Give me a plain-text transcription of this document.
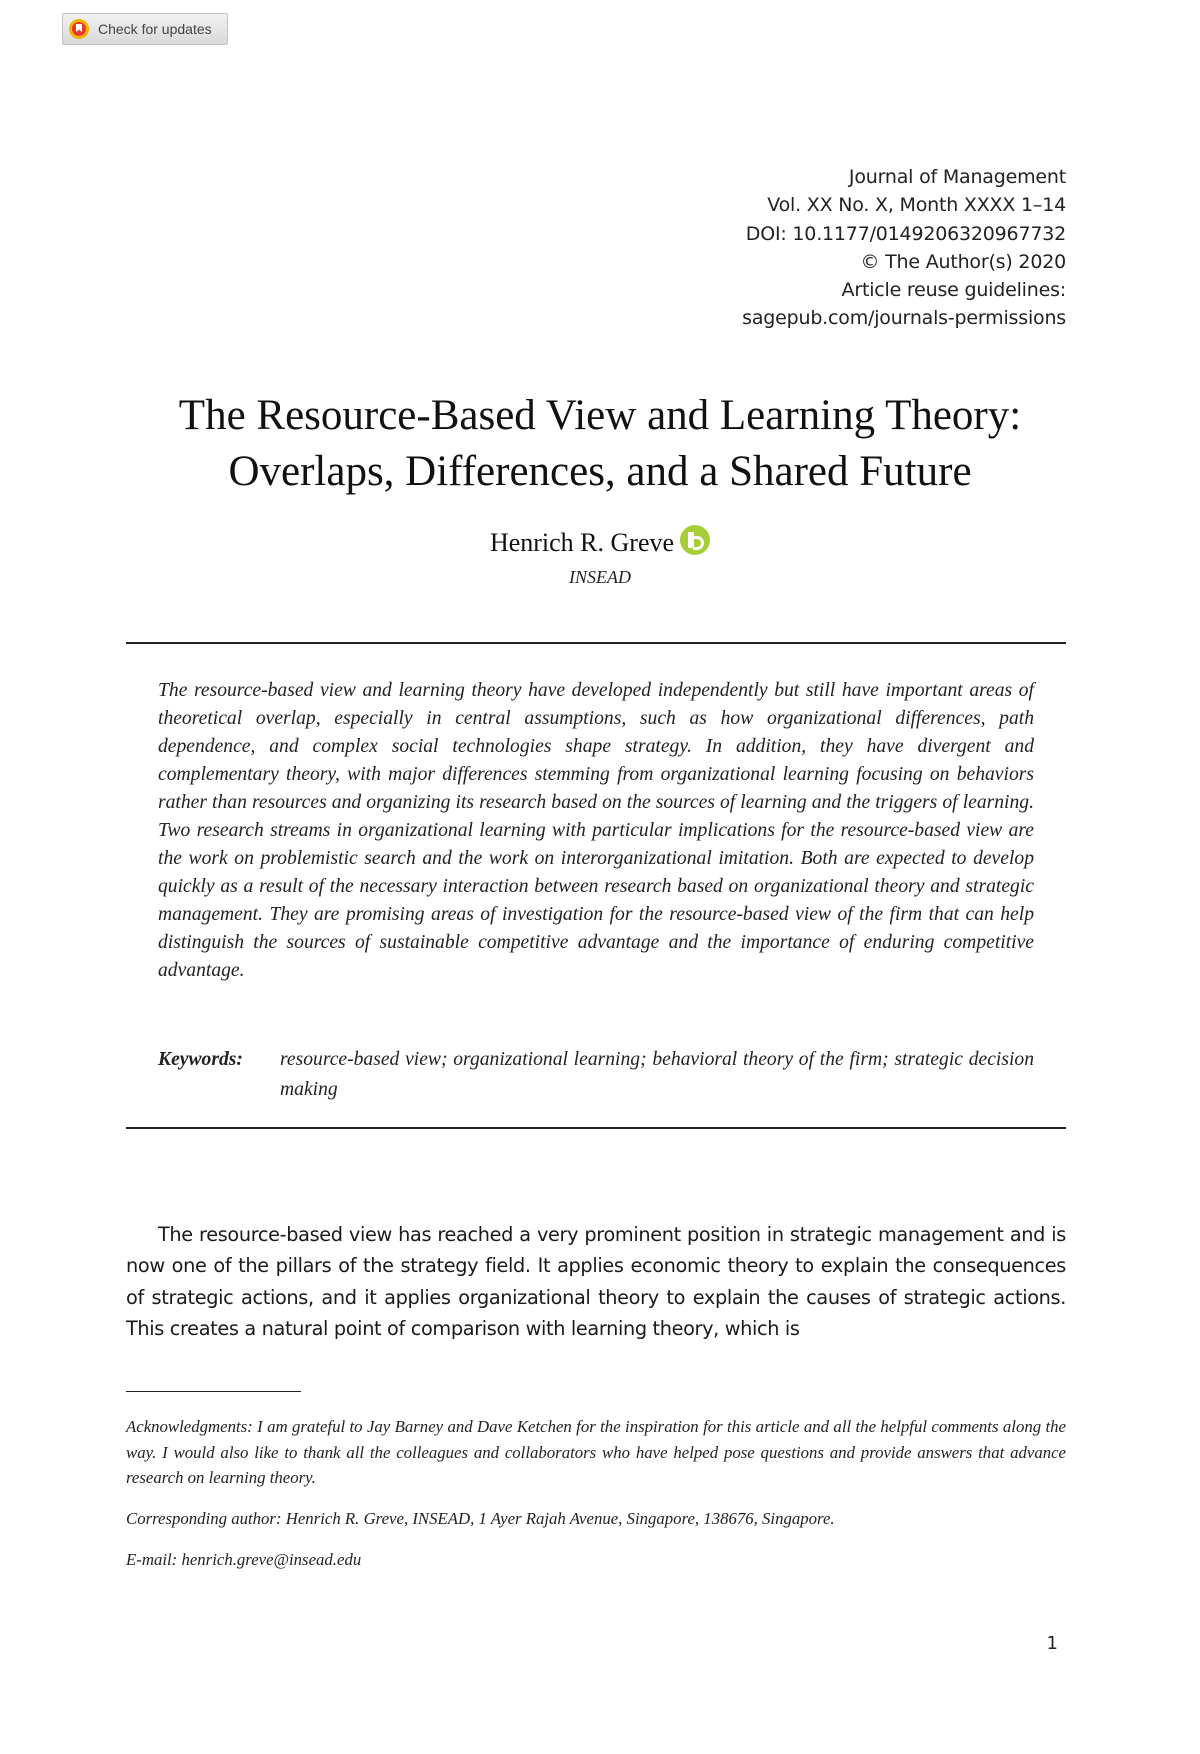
Check for updates
Journal of Management
Vol. XX No. X, Month XXXX 1–14
DOI: 10.1177/0149206320967732
© The Author(s) 2020
Article reuse guidelines:
sagepub.com/journals-permissions
The Resource-Based View and Learning Theory:
Overlaps, Differences, and a Shared Future
Henrich R. Greve
INSEAD

The resource-based view and learning theory have developed independently but still have important areas of theoretical overlap, especially in central assumptions, such as how organizational differences, path dependence, and complex social technologies shape strategy. In addition, they have divergent and complementary theory, with major differences stemming from organizational learning focusing on behaviors rather than resources and organizing its research based on the sources of learning and the triggers of learning. Two research streams in organizational learning with particular implications for the resource-based view are the work on problemistic search and the work on interorganizational imitation. Both are expected to develop quickly as a result of the necessary interaction between research based on organizational theory and strategic management. They are promising areas of investigation for the resource-based view of the firm that can help distinguish the sources of sustainable competitive advantage and the importance of enduring competitive advantage.

Keywords:	resource-based view; organizational learning; behavioral theory of the firm; strategic decision making

The resource-based view has reached a very prominent position in strategic management and is now one of the pillars of the strategy field. It applies economic theory to explain the consequences of strategic actions, and it applies organizational theory to explain the causes of strategic actions. This creates a natural point of comparison with learning theory, which is

Acknowledgments: I am grateful to Jay Barney and Dave Ketchen for the inspiration for this article and all the helpful comments along the way. I would also like to thank all the colleagues and collaborators who have helped pose questions and provide answers that advance research on learning theory.

Corresponding author: Henrich R. Greve, INSEAD, 1 Ayer Rajah Avenue, Singapore, 138676, Singapore.

E-mail: henrich.greve@insead.edu

1
